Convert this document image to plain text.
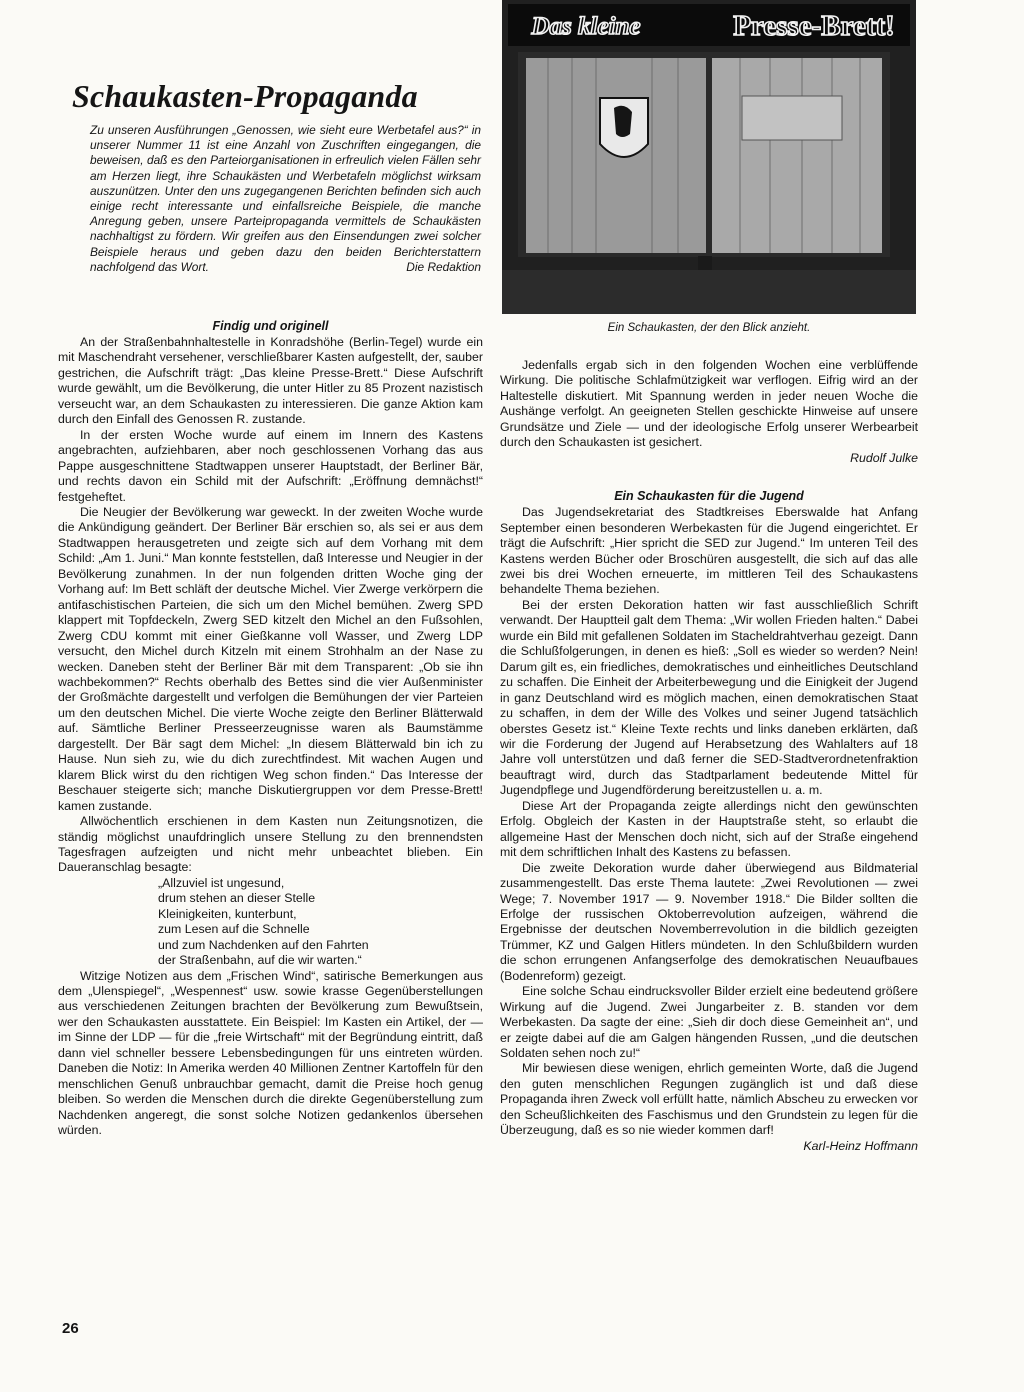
Schaukasten-Propaganda
Zu unseren Ausführungen „Genossen, wie sieht eure Werbetafel aus?“ in unserer Nummer 11 ist eine Anzahl von Zuschriften eingegangen, die beweisen, daß es den Parteiorganisationen in erfreulich vielen Fällen sehr am Herzen liegt, ihre Schaukästen und Werbetafeln möglichst wirksam auszunützen. Unter den uns zugegangenen Berichten befinden sich auch einige recht interessante und einfallsreiche Beispiele, die manche Anregung geben, unsere Parteipropaganda vermittels de Schaukästen nachhaltigst zu fördern. Wir greifen aus den Einsendungen zwei solcher Beispiele heraus und geben dazu den beiden Berichterstattern nachfolgend das Wort.	Die Redaktion
Findig und originell

An der Straßenbahnhaltestelle in Konradshöhe (Berlin-Tegel) wurde ein mit Maschendraht versehener, verschließbarer Kasten aufgestellt, der, sauber gestrichen, die Aufschrift trägt: „Das kleine Presse-Brett.“ Diese Aufschrift wurde gewählt, um die Bevölkerung, die unter Hitler zu 85 Prozent nazistisch verseucht war, an dem Schaukasten zu interessieren. Die ganze Aktion kam durch den Einfall des Genossen R. zustande.

In der ersten Woche wurde auf einem im Innern des Kastens angebrachten, aufziehbaren, aber noch geschlossenen Vorhang das aus Pappe ausgeschnittene Stadtwappen unserer Hauptstadt, der Berliner Bär, und rechts davon ein Schild mit der Aufschrift: „Eröffnung demnächst!“ festgeheftet.

Die Neugier der Bevölkerung war geweckt. In der zweiten Woche wurde die Ankündigung geändert. Der Berliner Bär erschien so, als sei er aus dem Stadtwappen herausgetreten und zeigte sich auf dem Vorhang mit dem Schild: „Am 1. Juni.“ Man konnte feststellen, daß Interesse und Neugier in der Bevölkerung zunahmen. In der nun folgenden dritten Woche ging der Vorhang auf: Im Bett schläft der deutsche Michel. Vier Zwerge verkörpern die antifaschistischen Parteien, die sich um den Michel bemühen. Zwerg SPD klappert mit Topfdeckeln, Zwerg SED kitzelt den Michel an den Fußsohlen, Zwerg CDU kommt mit einer Gießkanne voll Wasser, und Zwerg LDP versucht, den Michel durch Kitzeln mit einem Strohhalm an der Nase zu wecken. Daneben steht der Berliner Bär mit dem Transparent: „Ob sie ihn wachbekommen?“ Rechts oberhalb des Bettes sind die vier Außenminister der Großmächte dargestellt und verfolgen die Bemühungen der vier Parteien um den deutschen Michel. Die vierte Woche zeigte den Berliner Blätterwald auf. Sämtliche Berliner Presseerzeugnisse waren als Baumstämme dargestellt. Der Bär sagt dem Michel: „In diesem Blätterwald bin ich zu Hause. Nun sieh zu, wie du dich zurechtfindest. Mit wachen Augen und klarem Blick wirst du den richtigen Weg schon finden.“ Das Interesse der Beschauer steigerte sich; manche Diskutiergruppen vor dem Presse-Brett! kamen zustande.

Allwöchentlich erschienen in dem Kasten nun Zeitungsnotizen, die ständig möglichst unaufdringlich unsere Stellung zu den brennendsten Tagesfragen aufzeigten und nicht mehr unbeachtet blieben. Ein Daueranschlag besagte:

„Allzuviel ist ungesund,
drum stehen an dieser Stelle
Kleinigkeiten, kunterbunt,
zum Lesen auf die Schnelle
und zum Nachdenken auf den Fahrten
der Straßenbahn, auf die wir warten.“

Witzige Notizen aus dem „Frischen Wind“, satirische Bemerkungen aus dem „Ulenspiegel“, „Wespennest“ usw. sowie krasse Gegenüberstellungen aus verschiedenen Zeitungen brachten der Bevölkerung zum Bewußtsein, wer den Schaukasten ausstattete. Ein Beispiel: Im Kasten ein Artikel, der — im Sinne der LDP — für die „freie Wirtschaft“ mit der Begründung eintritt, daß dann viel schneller bessere Lebensbedingungen für uns eintreten würden. Daneben die Notiz: In Amerika werden 40 Millionen Zentner Kartoffeln für den menschlichen Genuß unbrauchbar gemacht, damit die Preise hoch genug bleiben. So werden die Menschen durch die direkte Gegenüberstellung zum Nachdenken angeregt, die sonst solche Notizen gedankenlos übersehen würden.

Das kleine	Presse-Brett!
Ein Schaukasten, der den Blick anzieht.

Jedenfalls ergab sich in den folgenden Wochen eine verblüffende Wirkung. Die politische Schlafmützigkeit war verflogen. Eifrig wird an der Haltestelle diskutiert. Mit Spannung werden in jeder neuen Woche die Aushänge verfolgt. An geeigneten Stellen geschickte Hinweise auf unsere Grundsätze und Ziele — und der ideologische Erfolg unserer Werbearbeit durch den Schaukasten ist gesichert.

Rudolf Julke
Ein Schaukasten für die Jugend

Das Jugendsekretariat des Stadtkreises Eberswalde hat Anfang September einen besonderen Werbekasten für die Jugend eingerichtet. Er trägt die Aufschrift: „Hier spricht die SED zur Jugend.“ Im unteren Teil des Kastens werden Bücher oder Broschüren ausgestellt, die sich auf das alle zwei bis drei Wochen erneuerte, im mittleren Teil des Schaukastens behandelte Thema beziehen.

Bei der ersten Dekoration hatten wir fast ausschließlich Schrift verwandt. Der Hauptteil galt dem Thema: „Wir wollen Frieden halten.“ Dabei wurde ein Bild mit gefallenen Soldaten im Stacheldrahtverhau gezeigt. Dann die Schlußfolgerungen, in denen es hieß: „Soll es wieder so werden? Nein! Darum gilt es, ein friedliches, demokratisches und einheitliches Deutschland zu schaffen. Die Einheit der Arbeiterbewegung und die Einigkeit der Jugend in ganz Deutschland wird es möglich machen, einen demokratischen Staat zu schaffen, in dem der Wille des Volkes und seiner Jugend tatsächlich oberstes Gesetz ist.“ Kleine Texte rechts und links daneben erklärten, daß wir die Forderung der Jugend auf Herabsetzung des Wahlalters auf 18 Jahre voll unterstützen und daß ferner die SED-Stadtverordnetenfraktion beauftragt wird, durch das Stadtparlament bedeutende Mittel für Jugendpflege und Jugendförderung bereitzustellen u. a. m.

Diese Art der Propaganda zeigte allerdings nicht den gewünschten Erfolg. Obgleich der Kasten in der Hauptstraße steht, so erlaubt die allgemeine Hast der Menschen doch nicht, sich auf der Straße eingehend mit dem schriftlichen Inhalt des Kastens zu befassen.

Die zweite Dekoration wurde daher überwiegend aus Bildmaterial zusammengestellt. Das erste Thema lautete: „Zwei Revolutionen — zwei Wege; 7. November 1917 — 9. November 1918.“ Die Bilder sollten die Erfolge der russischen Oktoberrevolution aufzeigen, während die Ergebnisse der deutschen Novemberrevolution in die bildlich gezeigten Trümmer, KZ und Galgen Hitlers mündeten. In den Schlußbildern wurden die schon errungenen Anfangserfolge des demokratischen Neuaufbaues (Bodenreform) gezeigt.

Eine solche Schau eindrucksvoller Bilder erzielt eine bedeutend größere Wirkung auf die Jugend. Zwei Jungarbeiter z. B. standen vor dem Werbekasten. Da sagte der eine: „Sieh dir doch diese Gemeinheit an“, und er zeigte dabei auf die am Galgen hängenden Russen, „und die deutschen Soldaten sehen noch zu!“

Mir bewiesen diese wenigen, ehrlich gemeinten Worte, daß die Jugend den guten menschlichen Regungen zugänglich ist und daß diese Propaganda ihren Zweck voll erfüllt hatte, nämlich Abscheu zu erwecken vor den Scheußlichkeiten des Faschismus und den Grundstein zu legen für die Überzeugung, daß es so nie wieder kommen darf!

Karl-Heinz Hoffmann
26
